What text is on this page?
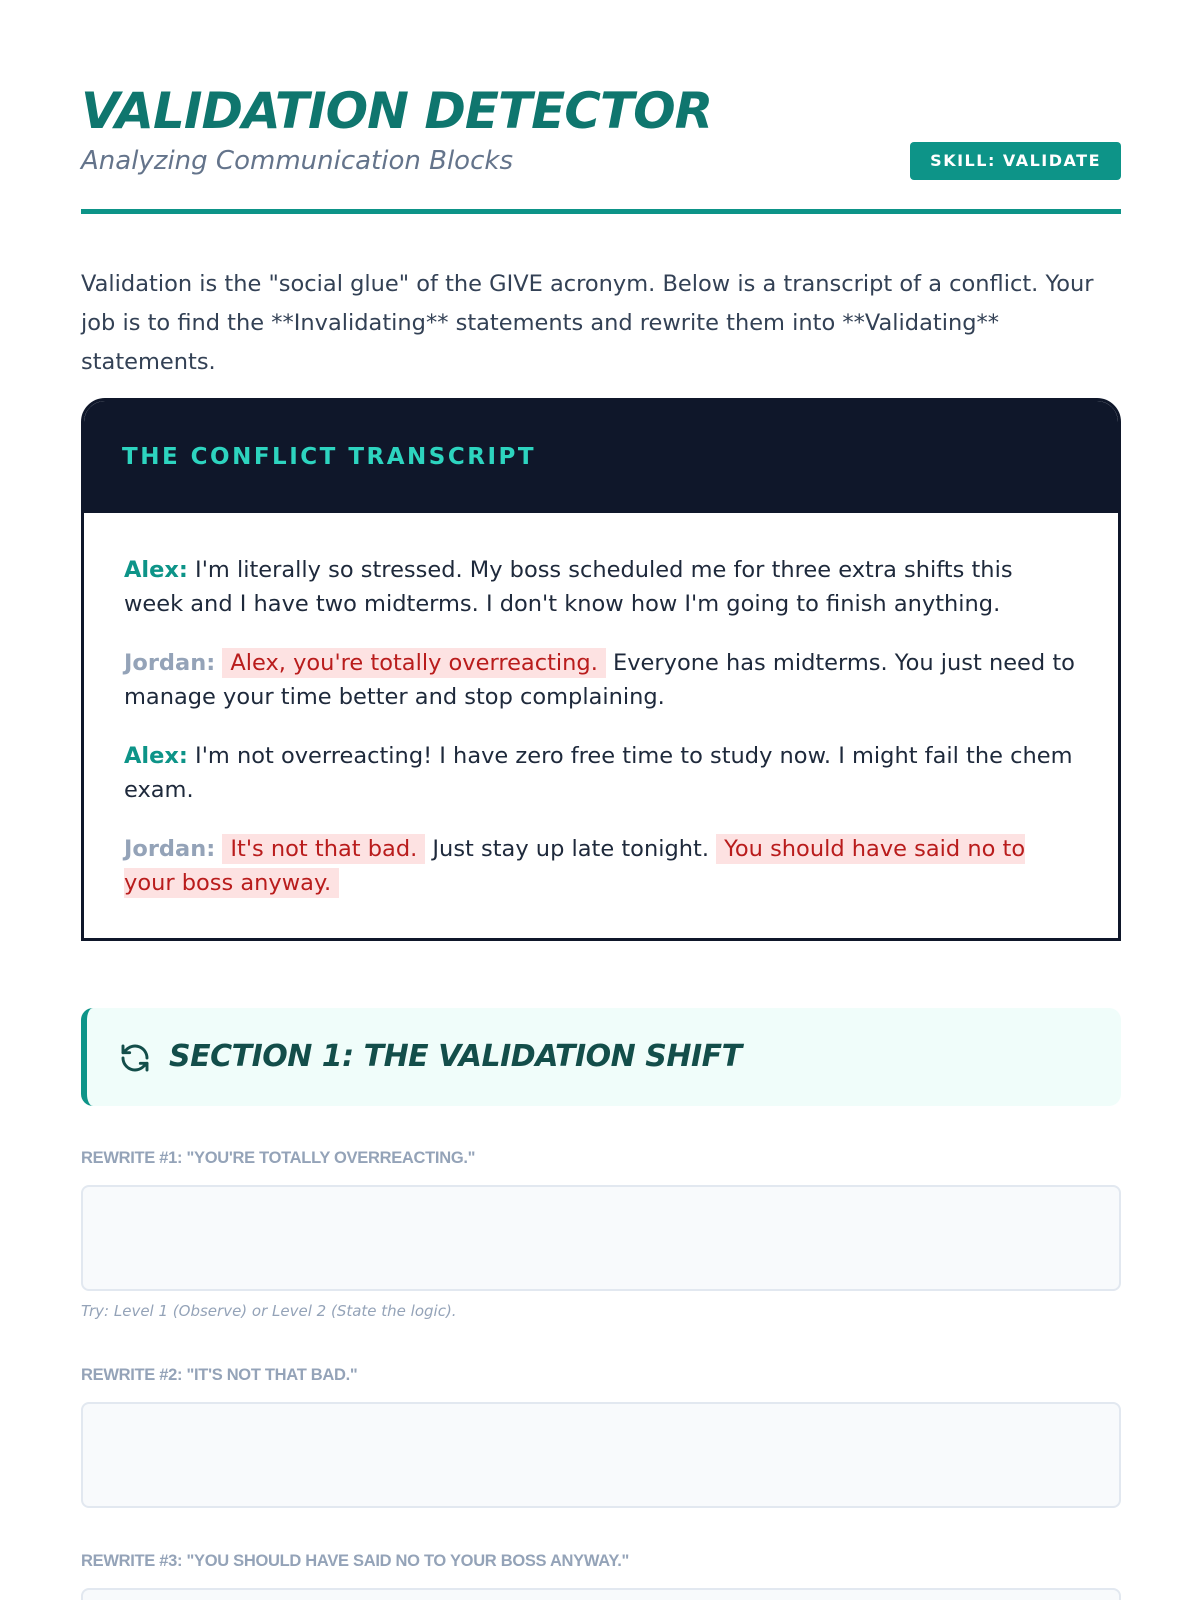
VALIDATION DETECTOR
Analyzing Communication Blocks	SKILL: VALIDATE

Validation is the "social glue" of the GIVE acronym. Below is a transcript of a conflict. Your job is to find the **Invalidating** statements and rewrite them into **Validating** statements.

THE CONFLICT TRANSCRIPT

Alex: I'm literally so stressed. My boss scheduled me for three extra shifts this week and I have two midterms. I don't know how I'm going to finish anything.

Jordan: Alex, you're totally overreacting. Everyone has midterms. You just need to manage your time better and stop complaining.

Alex: I'm not overreacting! I have zero free time to study now. I might fail the chem exam.

Jordan: It's not that bad. Just stay up late tonight. You should have said no to your boss anyway.

SECTION 1: THE VALIDATION SHIFT
REWRITE #1: "YOU'RE TOTALLY OVERREACTING."
Try: Level 1 (Observe) or Level 2 (State the logic).
REWRITE #2: "IT'S NOT THAT BAD."
REWRITE #3: "YOU SHOULD HAVE SAID NO TO YOUR BOSS ANYWAY."
